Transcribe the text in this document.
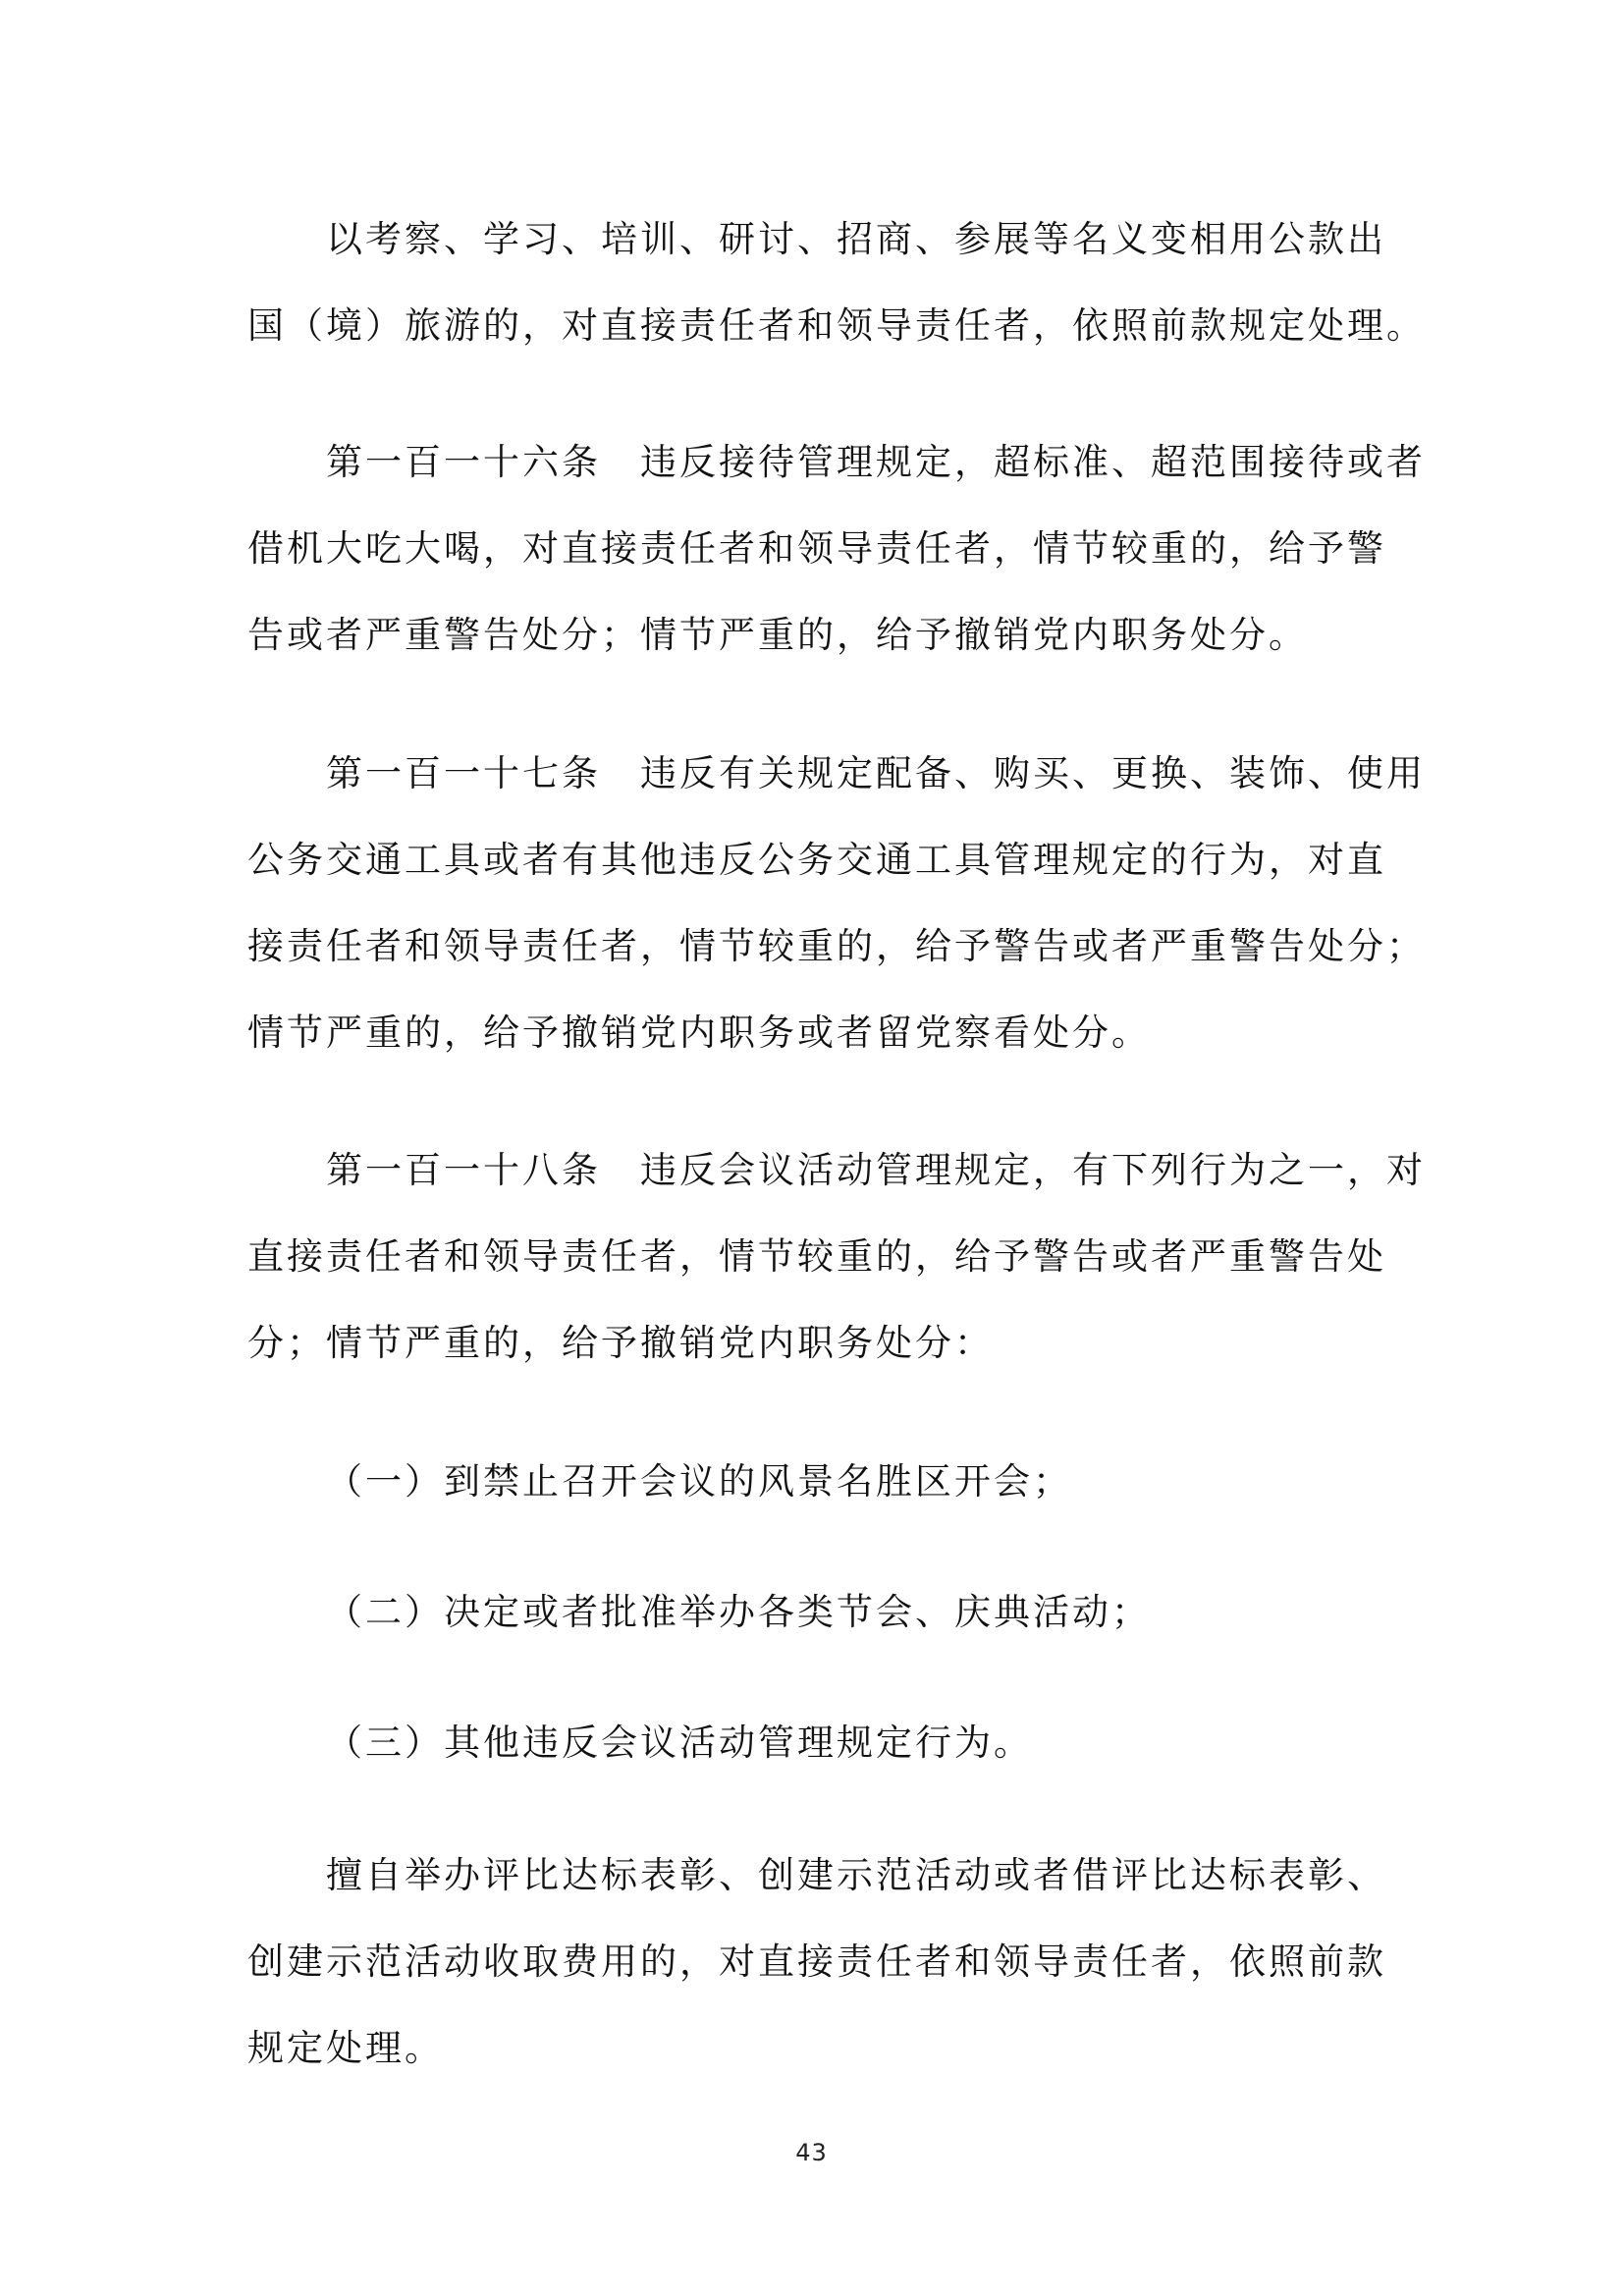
以考察、学习、培训、研讨、招商、参展等名义变相用公款出
国（境）旅游的，对直接责任者和领导责任者，依照前款规定处理。
第一百一十六条　违反接待管理规定，超标准、超范围接待或者
借机大吃大喝，对直接责任者和领导责任者，情节较重的，给予警
告或者严重警告处分；情节严重的，给予撤销党内职务处分。
第一百一十七条　违反有关规定配备、购买、更换、装饰、使用
公务交通工具或者有其他违反公务交通工具管理规定的行为，对直
接责任者和领导责任者，情节较重的，给予警告或者严重警告处分；
情节严重的，给予撤销党内职务或者留党察看处分。
第一百一十八条　违反会议活动管理规定，有下列行为之一，对
直接责任者和领导责任者，情节较重的，给予警告或者严重警告处
分；情节严重的，给予撤销党内职务处分：
（一）到禁止召开会议的风景名胜区开会；
（二）决定或者批准举办各类节会、庆典活动；
（三）其他违反会议活动管理规定行为。
擅自举办评比达标表彰、创建示范活动或者借评比达标表彰、
创建示范活动收取费用的，对直接责任者和领导责任者，依照前款
规定处理。
43
